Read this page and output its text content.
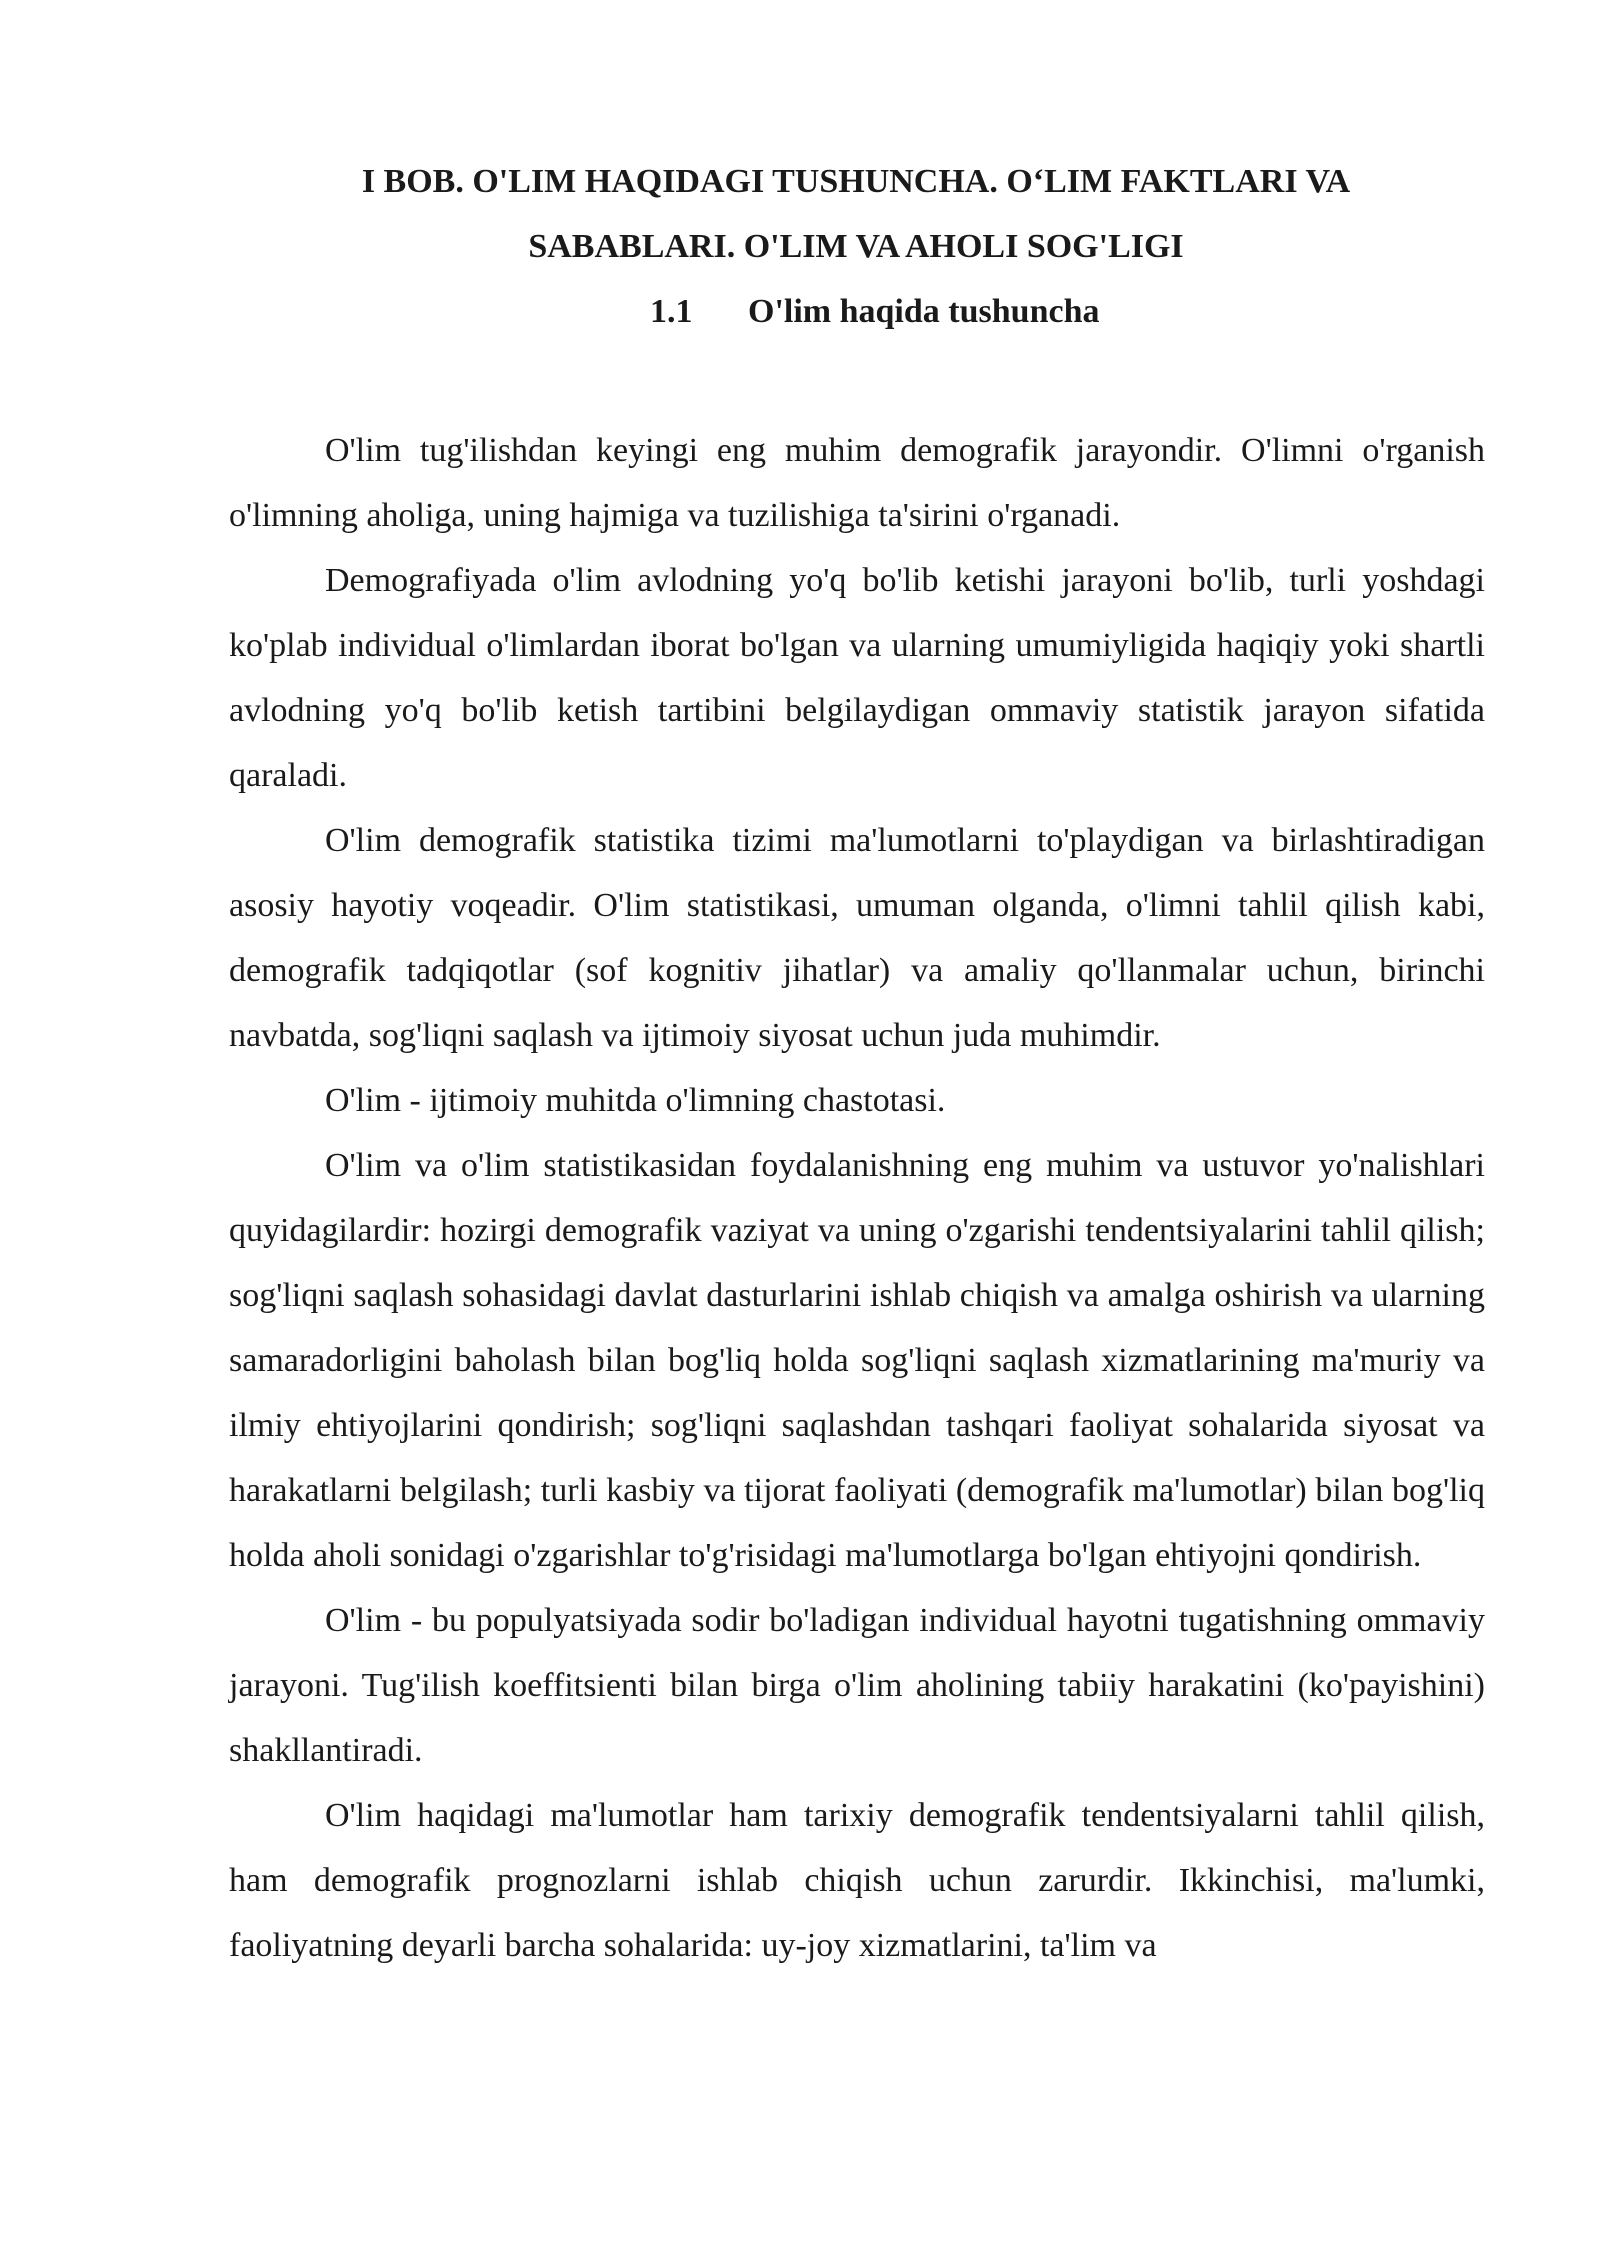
I BOB. O'LIM HAQIDAGI TUSHUNCHA. O‘LIM FAKTLARI VA
SABABLARI. O'LIM VA AHOLI SOG'LIGI
1.1 O'lim haqida tushuncha

O'lim tug'ilishdan keyingi eng muhim demografik jarayondir. O'limni o'rganish o'limning aholiga, uning hajmiga va tuzilishiga ta'sirini o'rganadi.

Demografiyada o'lim avlodning yo'q bo'lib ketishi jarayoni bo'lib, turli yoshdagi ko'plab individual o'limlardan iborat bo'lgan va ularning umumiyligida haqiqiy yoki shartli avlodning yo'q bo'lib ketish tartibini belgilaydigan ommaviy statistik jarayon sifatida qaraladi.

O'lim demografik statistika tizimi ma'lumotlarni to'playdigan va birlashtiradigan asosiy hayotiy voqeadir. O'lim statistikasi, umuman olganda, o'limni tahlil qilish kabi, demografik tadqiqotlar (sof kognitiv jihatlar) va amaliy qo'llanmalar uchun, birinchi navbatda, sog'liqni saqlash va ijtimoiy siyosat uchun juda muhimdir.

O'lim - ijtimoiy muhitda o'limning chastotasi.

O'lim va o'lim statistikasidan foydalanishning eng muhim va ustuvor yo'nalishlari quyidagilardir: hozirgi demografik vaziyat va uning o'zgarishi tendentsiyalarini tahlil qilish; sog'liqni saqlash sohasidagi davlat dasturlarini ishlab chiqish va amalga oshirish va ularning samaradorligini baholash bilan bog'liq holda sog'liqni saqlash xizmatlarining ma'muriy va ilmiy ehtiyojlarini qondirish; sog'liqni saqlashdan tashqari faoliyat sohalarida siyosat va harakatlarni belgilash; turli kasbiy va tijorat faoliyati (demografik ma'lumotlar) bilan bog'liq holda aholi sonidagi o'zgarishlar to'g'risidagi ma'lumotlarga bo'lgan ehtiyojni qondirish.

O'lim - bu populyatsiyada sodir bo'ladigan individual hayotni tugatishning ommaviy jarayoni. Tug'ilish koeffitsienti bilan birga o'lim aholining tabiiy harakatini (ko'payishini) shakllantiradi.

O'lim haqidagi ma'lumotlar ham tarixiy demografik tendentsiyalarni tahlil qilish, ham demografik prognozlarni ishlab chiqish uchun zarurdir. Ikkinchisi, ma'lumki, faoliyatning deyarli barcha sohalarida: uy-joy xizmatlarini, ta'lim va
